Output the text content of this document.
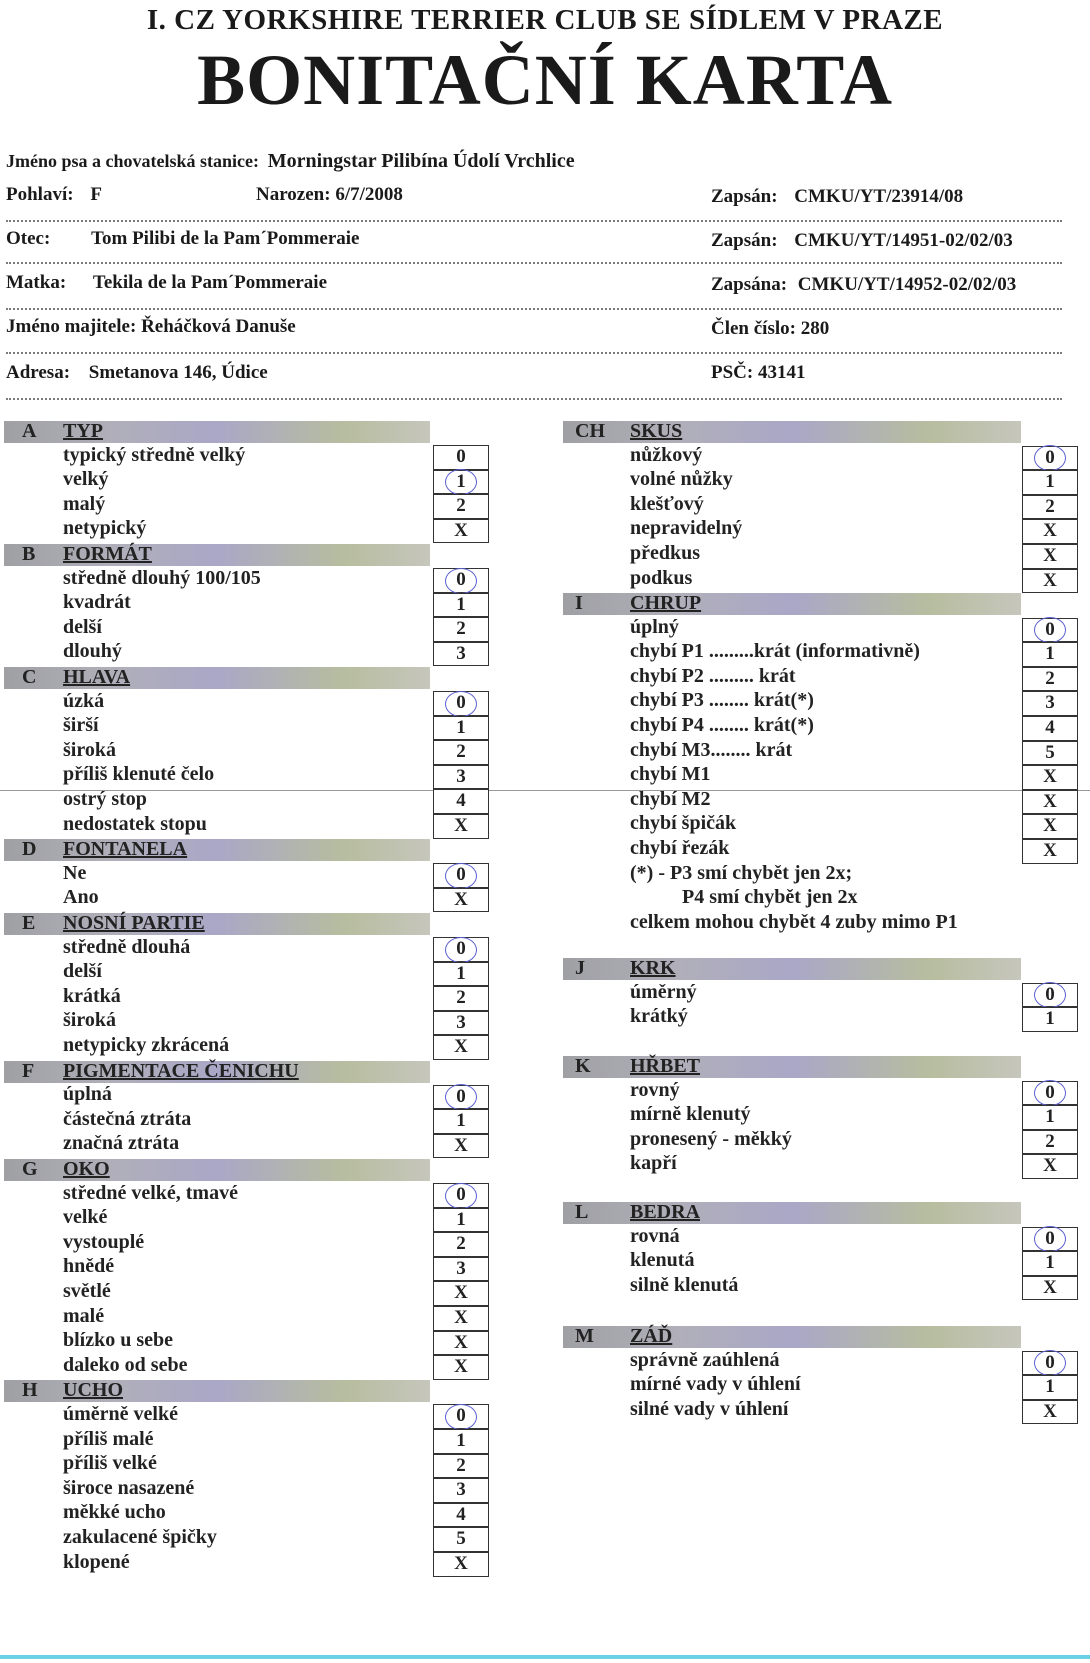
I. CZ YORKSHIRE TERRIER CLUB SE SÍDLEM V PRAZE
BONITAČNÍ KARTA
Jméno psa a chovatelská stanice: Morningstar Pilibína Údolí Vrchlice
Pohlaví: F	Narozen: 6/7/2008	Zapsán: CMKU/YT/23914/08
Otec: Tom Pilibi de la Pam´Pommeraie	Zapsán: CMKU/YT/14951-02/02/03
Matka: Tekila de la Pam´Pommeraie	Zapsána: CMKU/YT/14952-02/02/03
Jméno majitele: Řeháčková Danuše	Člen číslo: 280
Adresa: Smetanova 146, Údice	PSČ: 43141
A TYP
typický středně velký	0
velký	1
malý	2
netypický	X
B FORMÁT
středně dlouhý 100/105	0
kvadrát	1
delší	2
dlouhý	3
C HLAVA
úzká	0
širší	1
široká	2
příliš klenuté čelo	3
ostrý stop	4
nedostatek stopu	X
D FONTANELA
Ne	0
Ano	X
E NOSNÍ PARTIE
středně dlouhá	0
delší	1
krátká	2
široká	3
netypicky zkrácená	X
F PIGMENTACE ČENICHU
úplná	0
částečná ztráta	1
značná ztráta	X
G OKO
středné velké, tmavé	0
velké	1
vystouplé	2
hnědé	3
světlé	X
malé	X
blízko u sebe	X
daleko od sebe	X
H UCHO
úměrně velké	0
příliš malé	1
příliš velké	2
široce nasazené	3
měkké ucho	4
zakulacené špičky	5
klopené	X
CH SKUS
nůžkový	0
volné nůžky	1
klešťový	2
nepravidelný	X
předkus	X
podkus	X
I CHRUP
úplný	0
chybí P1 .........krát (informativně)	1
chybí P2 ......... krát	2
chybí P3 ........ krát(*)	3
chybí P4 ........ krát(*)	4
chybí M3........ krát	5
chybí M1	X
chybí M2	X
chybí špičák	X
chybí řezák	X
(*) - P3 smí chybět jen 2x;
P4 smí chybět jen 2x
celkem mohou chybět 4 zuby mimo P1
J KRK
úměrný	0
krátký	1
K HŘBET
rovný	0
mírně klenutý	1
pronesený - měkký	2
kapří	X
L BEDRA
rovná	0
klenutá	1
silně klenutá	X
M ZÁĎ
správně zaúhlená	0
mírné vady v úhlení	1
silné vady v úhlení	X
